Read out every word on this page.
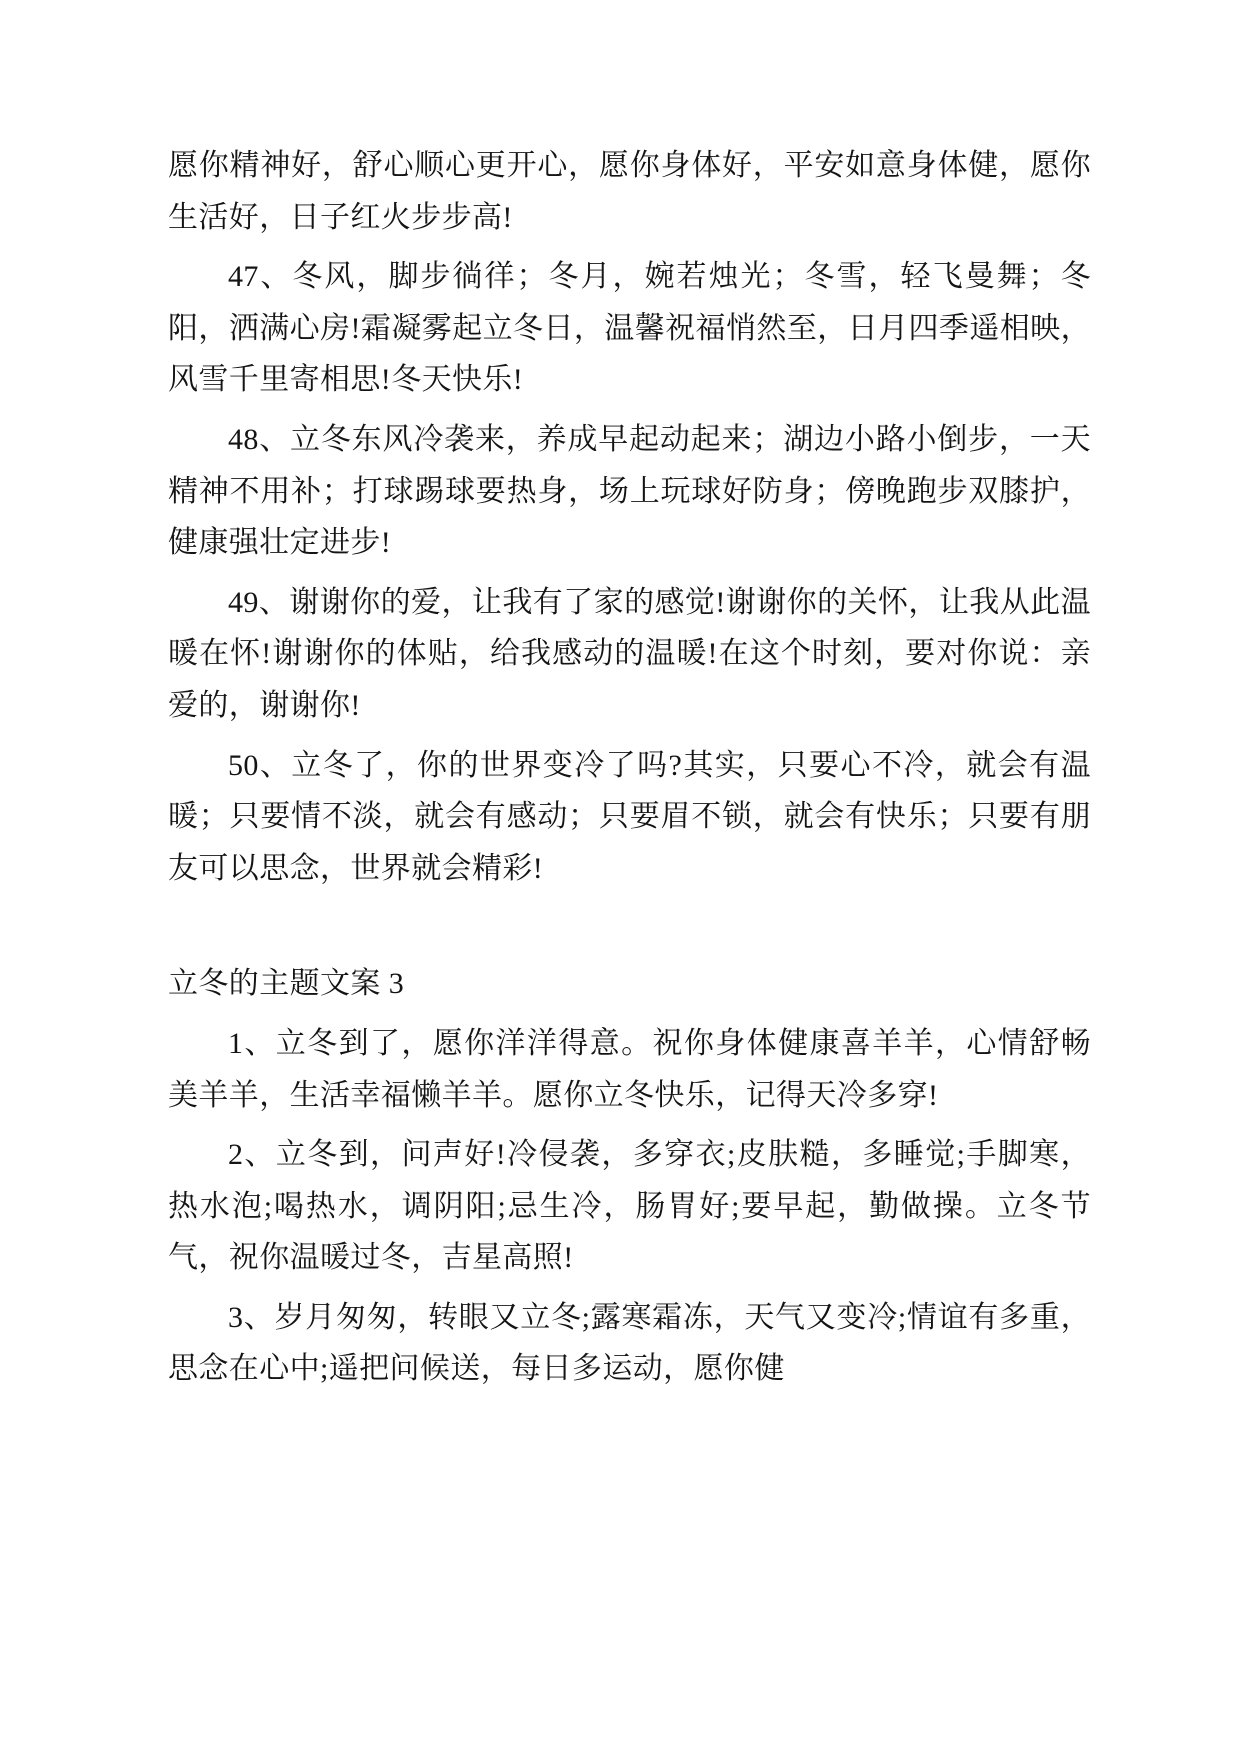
愿你精神好，舒心顺心更开心，愿你身体好，平安如意身体健，愿你生活好，日子红火步步高!

47、冬风，脚步徜徉；冬月，婉若烛光；冬雪，轻飞曼舞；冬阳，洒满心房!霜凝雾起立冬日，温馨祝福悄然至，日月四季遥相映，风雪千里寄相思!冬天快乐!

48、立冬东风冷袭来，养成早起动起来；湖边小路小倒步，一天精神不用补；打球踢球要热身，场上玩球好防身；傍晚跑步双膝护，健康强壮定进步!

49、谢谢你的爱，让我有了家的感觉!谢谢你的关怀，让我从此温暖在怀!谢谢你的体贴，给我感动的温暖!在这个时刻，要对你说：亲爱的，谢谢你!

50、立冬了，你的世界变冷了吗?其实，只要心不冷，就会有温暖；只要情不淡，就会有感动；只要眉不锁，就会有快乐；只要有朋友可以思念，世界就会精彩!

立冬的主题文案 3

1、立冬到了，愿你洋洋得意。祝你身体健康喜羊羊，心情舒畅美羊羊，生活幸福懒羊羊。愿你立冬快乐，记得天冷多穿!

2、立冬到，问声好!冷侵袭，多穿衣;皮肤糙，多睡觉;手脚寒，热水泡;喝热水，调阴阳;忌生冷，肠胃好;要早起，勤做操。立冬节气，祝你温暖过冬，吉星高照!

3、岁月匆匆，转眼又立冬;露寒霜冻，天气又变冷;情谊有多重，思念在心中;遥把问候送，每日多运动，愿你健
